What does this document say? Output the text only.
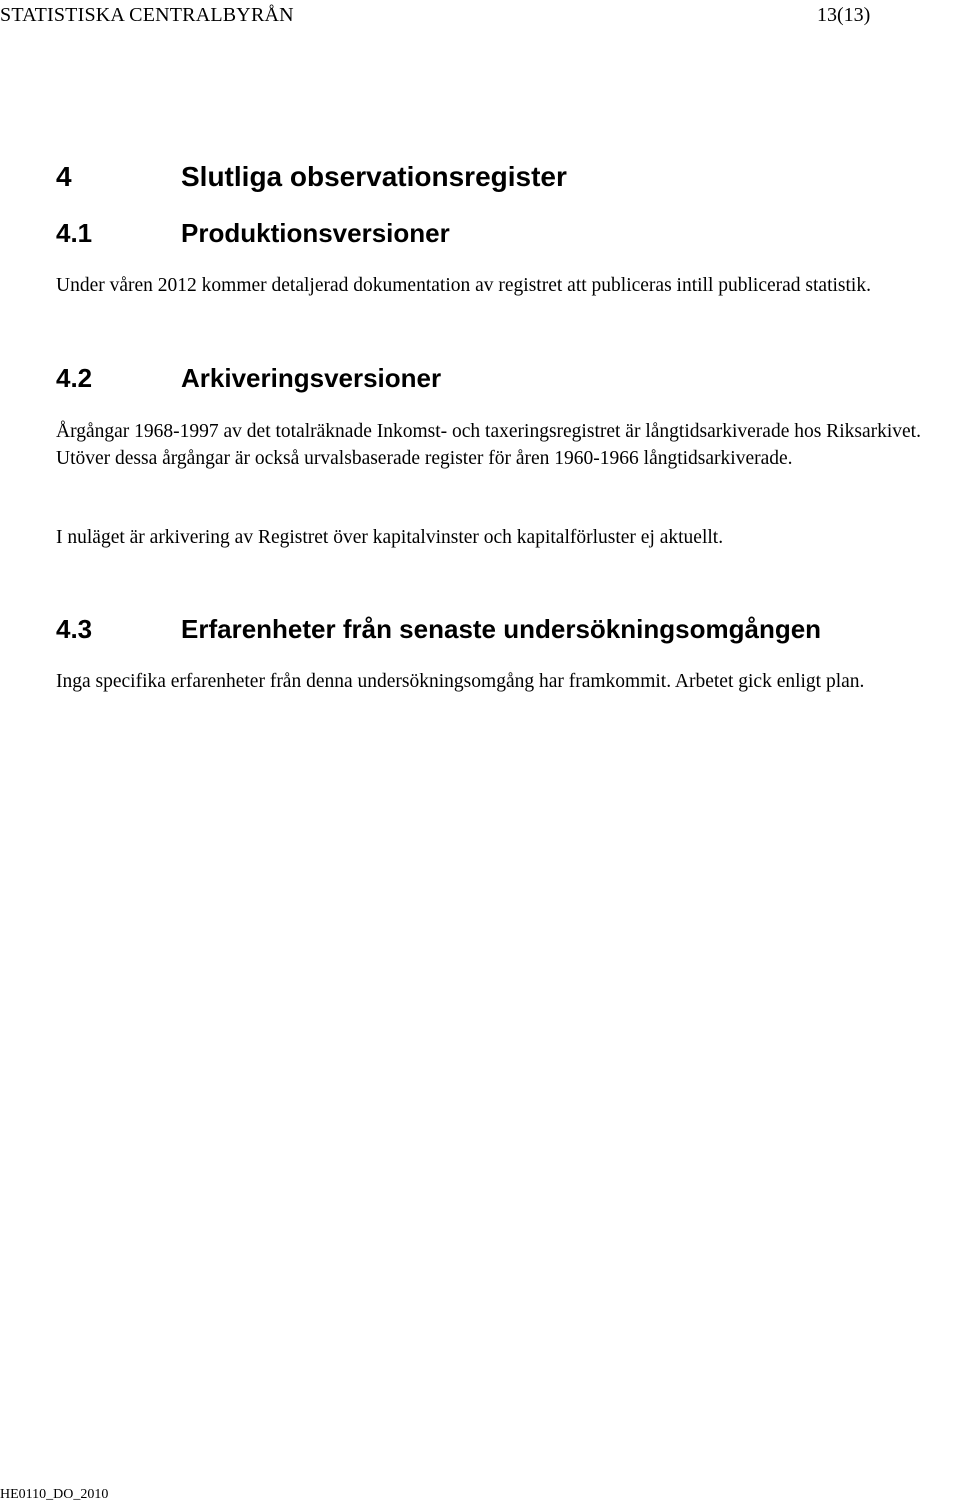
STATISTISKA CENTRALBYRÅN	13(13)
4	Slutliga observationsregister
4.1	Produktionsversioner

Under våren 2012 kommer detaljerad dokumentation av registret att publiceras intill publicerad statistik.

4.2	Arkiveringsversioner

Årgångar 1968-1997 av det totalräknade Inkomst- och taxeringsregistret är långtidsarkiverade hos Riksarkivet. Utöver dessa årgångar är också urvalsbaserade register för åren 1960-1966 långtidsarkiverade.

I nuläget är arkivering av Registret över kapitalvinster och kapitalförluster ej aktuellt.

4.3	Erfarenheter från senaste undersökningsomgången

Inga specifika erfarenheter från denna undersökningsomgång har framkommit. Arbetet gick enligt plan.

HE0110_DO_2010
